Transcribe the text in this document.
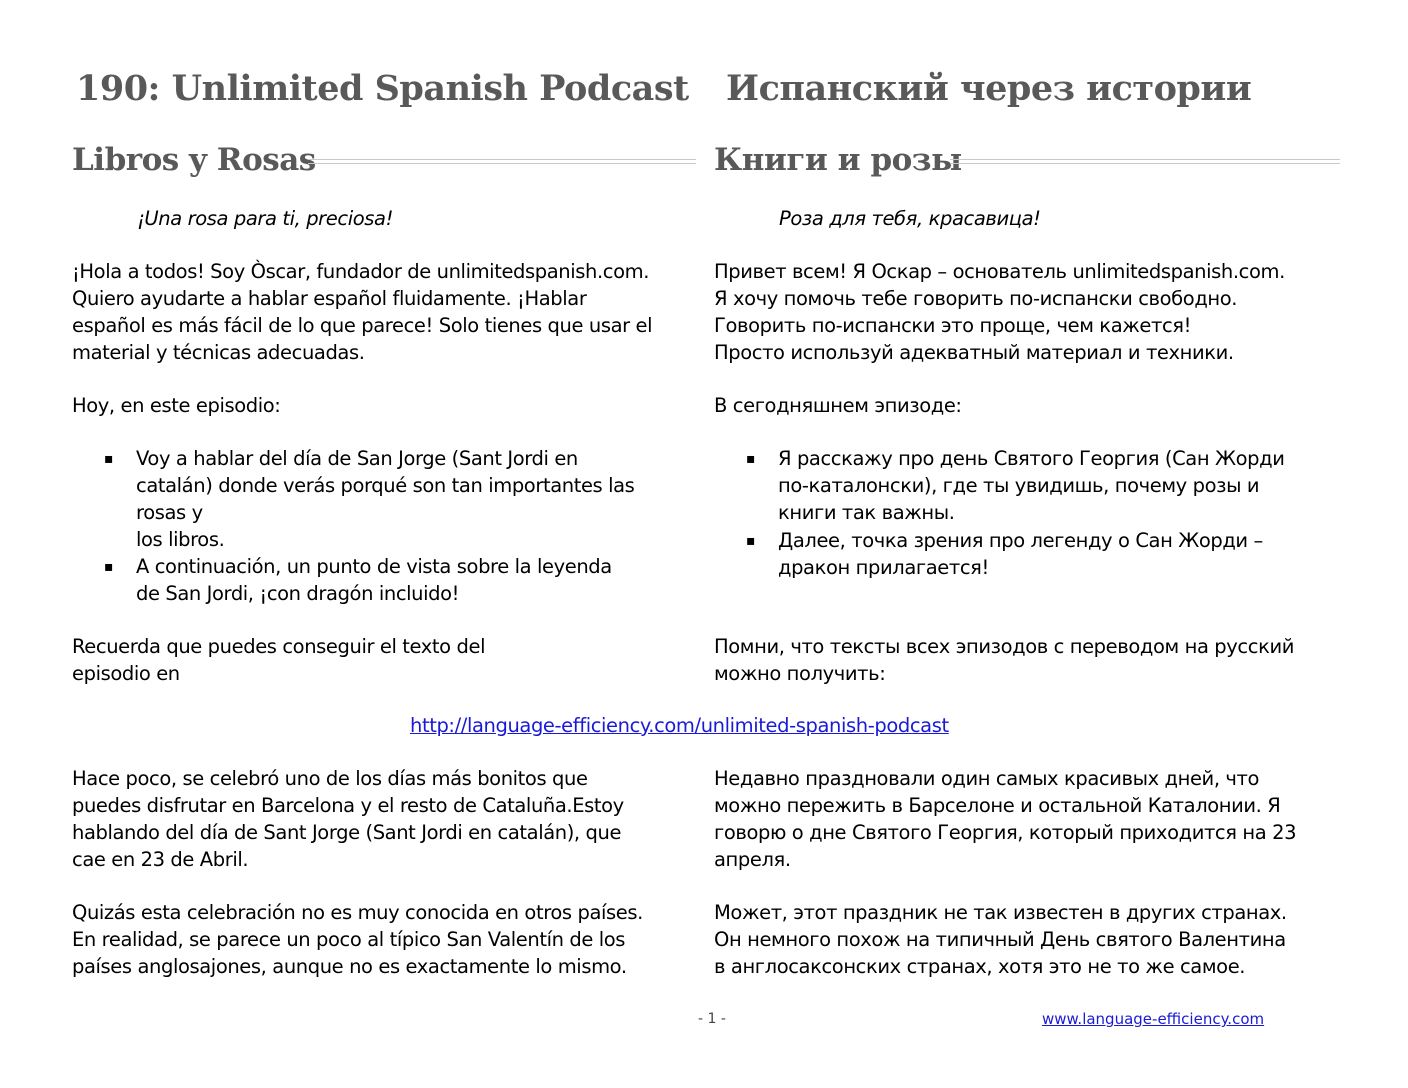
190: Unlimited Spanish Podcast Испанский через истории
Libros y Rosas	Книги и розы
¡Una rosa para ti, preciosa!
¡Hola a todos! Soy Òscar, fundador de unlimitedspanish.com.
Quiero ayudarte a hablar español fluidamente. ¡Hablar
español es más fácil de lo que parece! Solo tienes que usar el
material y técnicas adecuadas.
Hoy, en este episodio:
▪ Voy a hablar del día de San Jorge (Sant Jordi en
catalán) donde verás porqué son tan importantes las
rosas y
los libros.
▪ A continuación, un punto de vista sobre la leyenda
de San Jordi, ¡con dragón incluido!
Recuerda que puedes conseguir el texto del
episodio en
Роза для тебя, красавица!
Привет всем! Я Оскар – основатель unlimitedspanish.com.
Я хочу помочь тебе говорить по-испански свободно.
Говорить по-испански это проще, чем кажется!
Просто используй адекватный материал и техники.
В сегодняшнем эпизоде:
▪ Я расскажу про день Святого Георгия (Сан Жорди
по-каталонски), где ты увидишь, почему розы и
книги так важны.
▪ Далее, точка зрения про легенду о Сан Жорди –
дракон прилагается!
Помни, что тексты всех эпизодов с переводом на русский
можно получить:
http://language-efficiency.com/unlimited-spanish-podcast
Hace poco, se celebró uno de los días más bonitos que
puedes disfrutar en Barcelona y el resto de Cataluña.Estoy
hablando del día de Sant Jorge (Sant Jordi en catalán), que
cae en 23 de Abril.
Недавно праздновали один самых красивых дней, что
можно пережить в Барселоне и остальной Каталонии. Я
говорю о дне Святого Георгия, который приходится на 23
апреля.
Quizás esta celebración no es muy conocida en otros países.
En realidad, se parece un poco al típico San Valentín de los
países anglosajones, aunque no es exactamente lo mismo.
Может, этот праздник не так известен в других странах.
Он немного похож на типичный День святого Валентина
в англосаксонских странах, хотя это не то же самое.
- 1 -	www.language-efficiency.com
